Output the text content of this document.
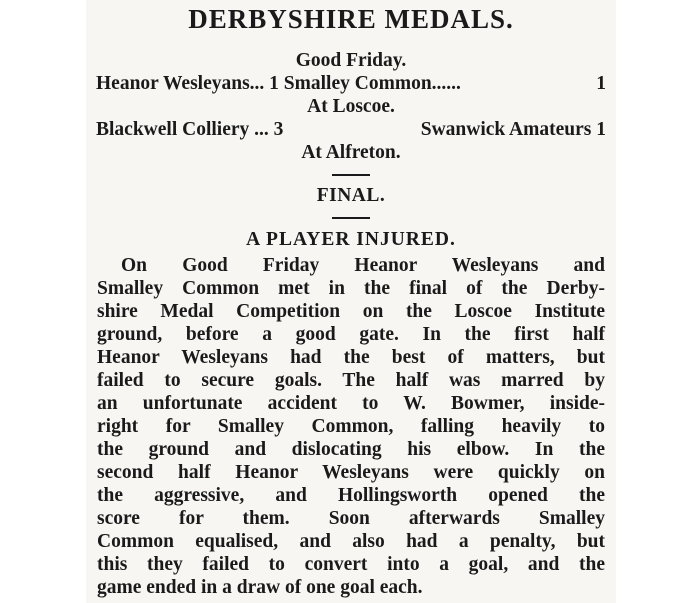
DERBYSHIRE MEDALS.
Good Friday.
Heanor Wesleyans... 1 Smalley Common......	1
At Loscoe.
Blackwell Colliery ... 3	Swanwick Amateurs 1
At Alfreton.
FINAL.
A PLAYER INJURED.
On Good Friday Heanor Wesleyans and
Smalley Common met in the final of the Derby-
shire Medal Competition on the Loscoe Institute
ground, before a good gate. In the first half
Heanor Wesleyans had the best of matters, but
failed to secure goals. The half was marred by
an unfortunate accident to W. Bowmer, inside-
right for Smalley Common, falling heavily to
the ground and dislocating his elbow. In the
second half Heanor Wesleyans were quickly on
the aggressive, and Hollingsworth opened the
score for them. Soon afterwards Smalley
Common equalised, and also had a penalty, but
this they failed to convert into a goal, and the
game ended in a draw of one goal each.
